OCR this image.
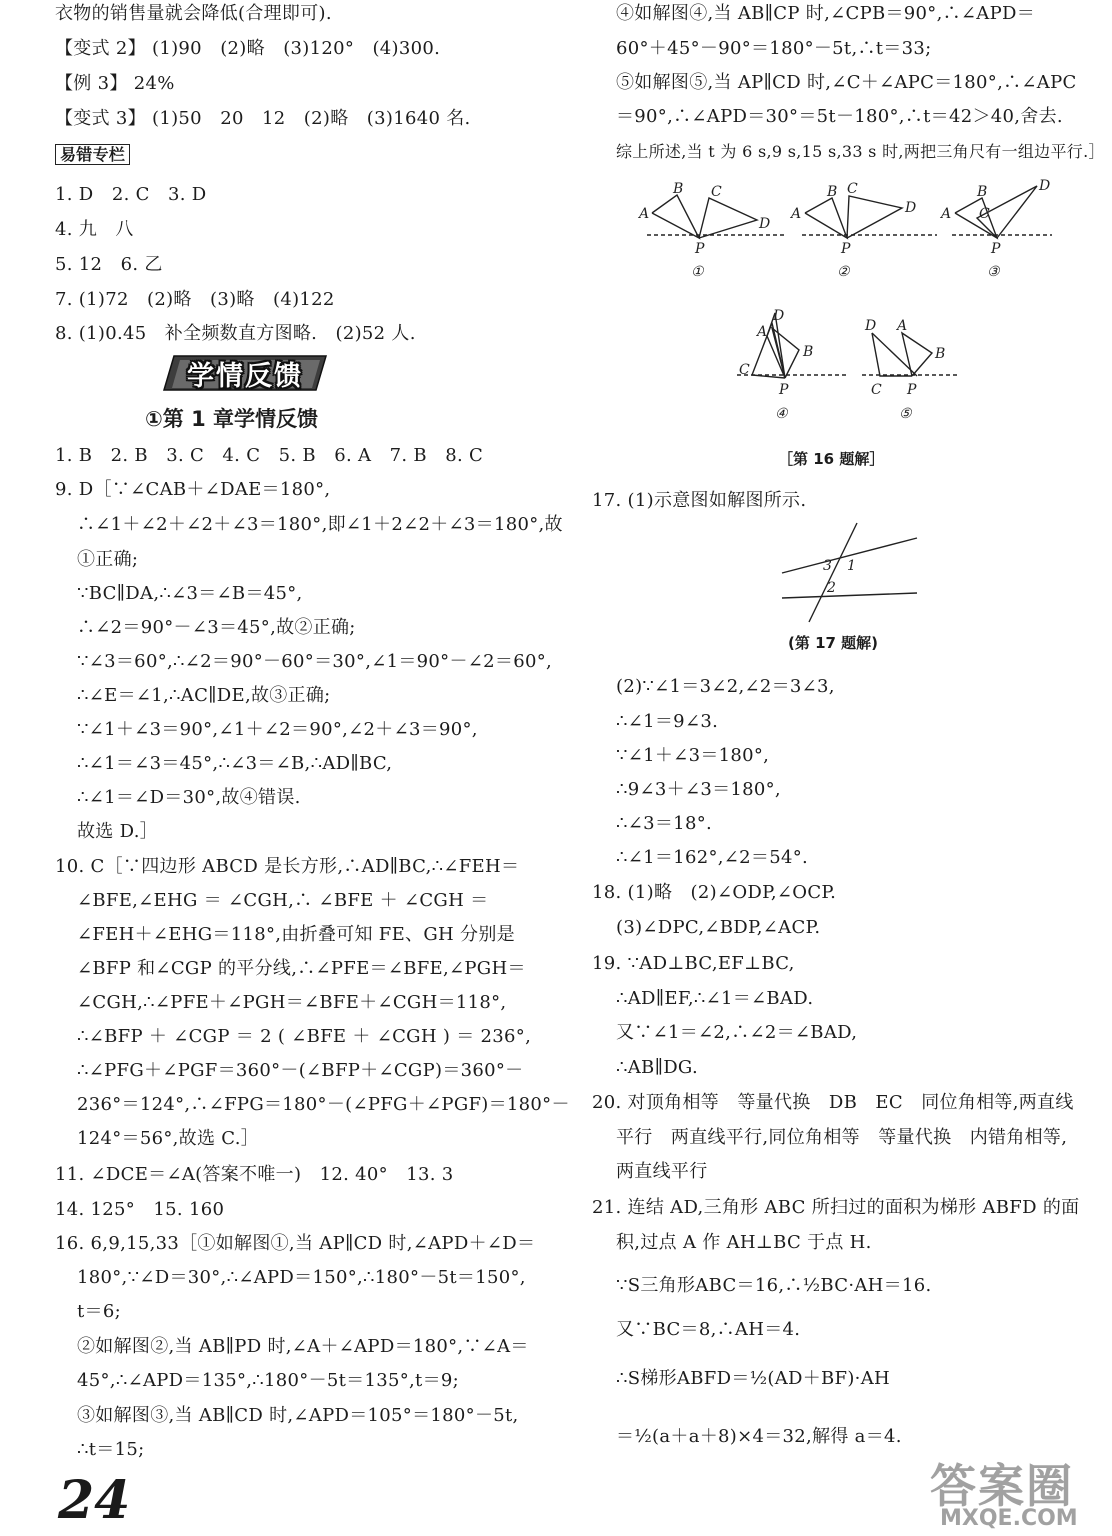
衣物的销售量就会降低(合理即可).
【变式 2】 (1)90　(2)略　(3)120°　(4)300.
【例 3】 24%
【变式 3】 (1)50　20　12　(2)略　(3)1640 名.
易错专栏
1. D　2. C　3. D
4. 九　八
5. 12　6. 乙
7. (1)72　(2)略　(3)略　(4)122
8. (1)0.45　补全频数直方图略.　(2)52 人.
1. B　2. B　3. C　4. C　5. B　6. A　7. B　8. C
9. D［∵∠CAB＋∠DAE＝180°,
∴∠1＋∠2＋∠2＋∠3＝180°,即∠1＋2∠2＋∠3＝180°,故
①正确;
∵BC∥DA,∴∠3＝∠B＝45°,
∴∠2＝90°－∠3＝45°,故②正确;
∵∠3＝60°,∴∠2＝90°－60°＝30°,∠1＝90°－∠2＝60°,
∴∠E＝∠1,∴AC∥DE,故③正确;
∵∠1＋∠3＝90°,∠1＋∠2＝90°,∠2＋∠3＝90°,
∴∠1＝∠3＝45°,∴∠3＝∠B,∴AD∥BC,
∴∠1＝∠D＝30°,故④错误.
故选 D.］
10. C［∵四边形 ABCD 是长方形,∴AD∥BC,∴∠FEH＝
∠BFE,∠EHG ＝ ∠CGH,∴ ∠BFE ＋ ∠CGH ＝
∠FEH＋∠EHG＝118°,由折叠可知 FE、GH 分别是
∠BFP 和∠CGP 的平分线,∴∠PFE＝∠BFE,∠PGH＝
∠CGH,∴∠PFE＋∠PGH＝∠BFE＋∠CGH＝118°,
∴∠BFP ＋ ∠CGP ＝ 2 ( ∠BFE ＋ ∠CGH ) ＝ 236°,
∴∠PFG＋∠PGF＝360°－(∠BFP＋∠CGP)＝360°－
236°＝124°,∴∠FPG＝180°－(∠PFG＋∠PGF)＝180°－
124°＝56°,故选 C.］
11. ∠DCE＝∠A(答案不唯一)　12. 40°　13. 3
14. 125°　15. 160
16. 6,9,15,33［①如解图①,当 AP∥CD 时,∠APD＋∠D＝
180°,∵∠D＝30°,∴∠APD＝150°,∴180°－5t＝150°,
t＝6;
②如解图②,当 AB∥PD 时,∠A＋∠APD＝180°,∵∠A＝
45°,∴∠APD＝135°,∴180°－5t＝135°,t＝9;
③如解图③,当 AB∥CD 时,∠APD＝105°＝180°－5t,
∴t＝15;
学情反馈
①第 1 章学情反馈
24
④如解图④,当 AB∥CP 时,∠CPB＝90°,∴∠APD＝
60°＋45°－90°＝180°－5t,∴t＝33;
⑤如解图⑤,当 AP∥CD 时,∠C＋∠APC＝180°,∴∠APC
＝90°,∴∠APD＝30°＝5t－180°,∴t＝42＞40,舍去.
综上所述,当 t 为 6 s,9 s,15 s,33 s 时,两把三角尺有一组边平行.］
A
B C
D
P
①
A
B C
D
P
②
A
B
C
D
P
③
D
A
B
C
P
④
D A
B
C P
⑤
［第 16 题解］
17. (1)示意图如解图所示.
3 1
2
(第 17 题解)
(2)∵∠1＝3∠2,∠2＝3∠3,
∴∠1＝9∠3.
∵∠1＋∠3＝180°,
∴9∠3＋∠3＝180°,
∴∠3＝18°.
∴∠1＝162°,∠2＝54°.
18. (1)略　(2)∠ODP,∠OCP.
(3)∠DPC,∠BDP,∠ACP.
19. ∵AD⊥BC,EF⊥BC,
∴AD∥EF,∴∠1＝∠BAD.
又∵∠1＝∠2,∴∠2＝∠BAD,
∴AB∥DG.
20. 对顶角相等　等量代换　DB　EC　同位角相等,两直线
平行　两直线平行,同位角相等　等量代换　内错角相等,
两直线平行
21. 连结 AD,三角形 ABC 所扫过的面积为梯形 ABFD 的面
积,过点 A 作 AH⊥BC 于点 H.
∵S三角形ABC＝16,∴½BC·AH＝16.
又∵BC＝8,∴AH＝4.
∴S梯形ABFD＝½(AD＋BF)·AH
＝½(a＋a＋8)×4＝32,解得 a＝4.
答案圈
MXQE.COM
